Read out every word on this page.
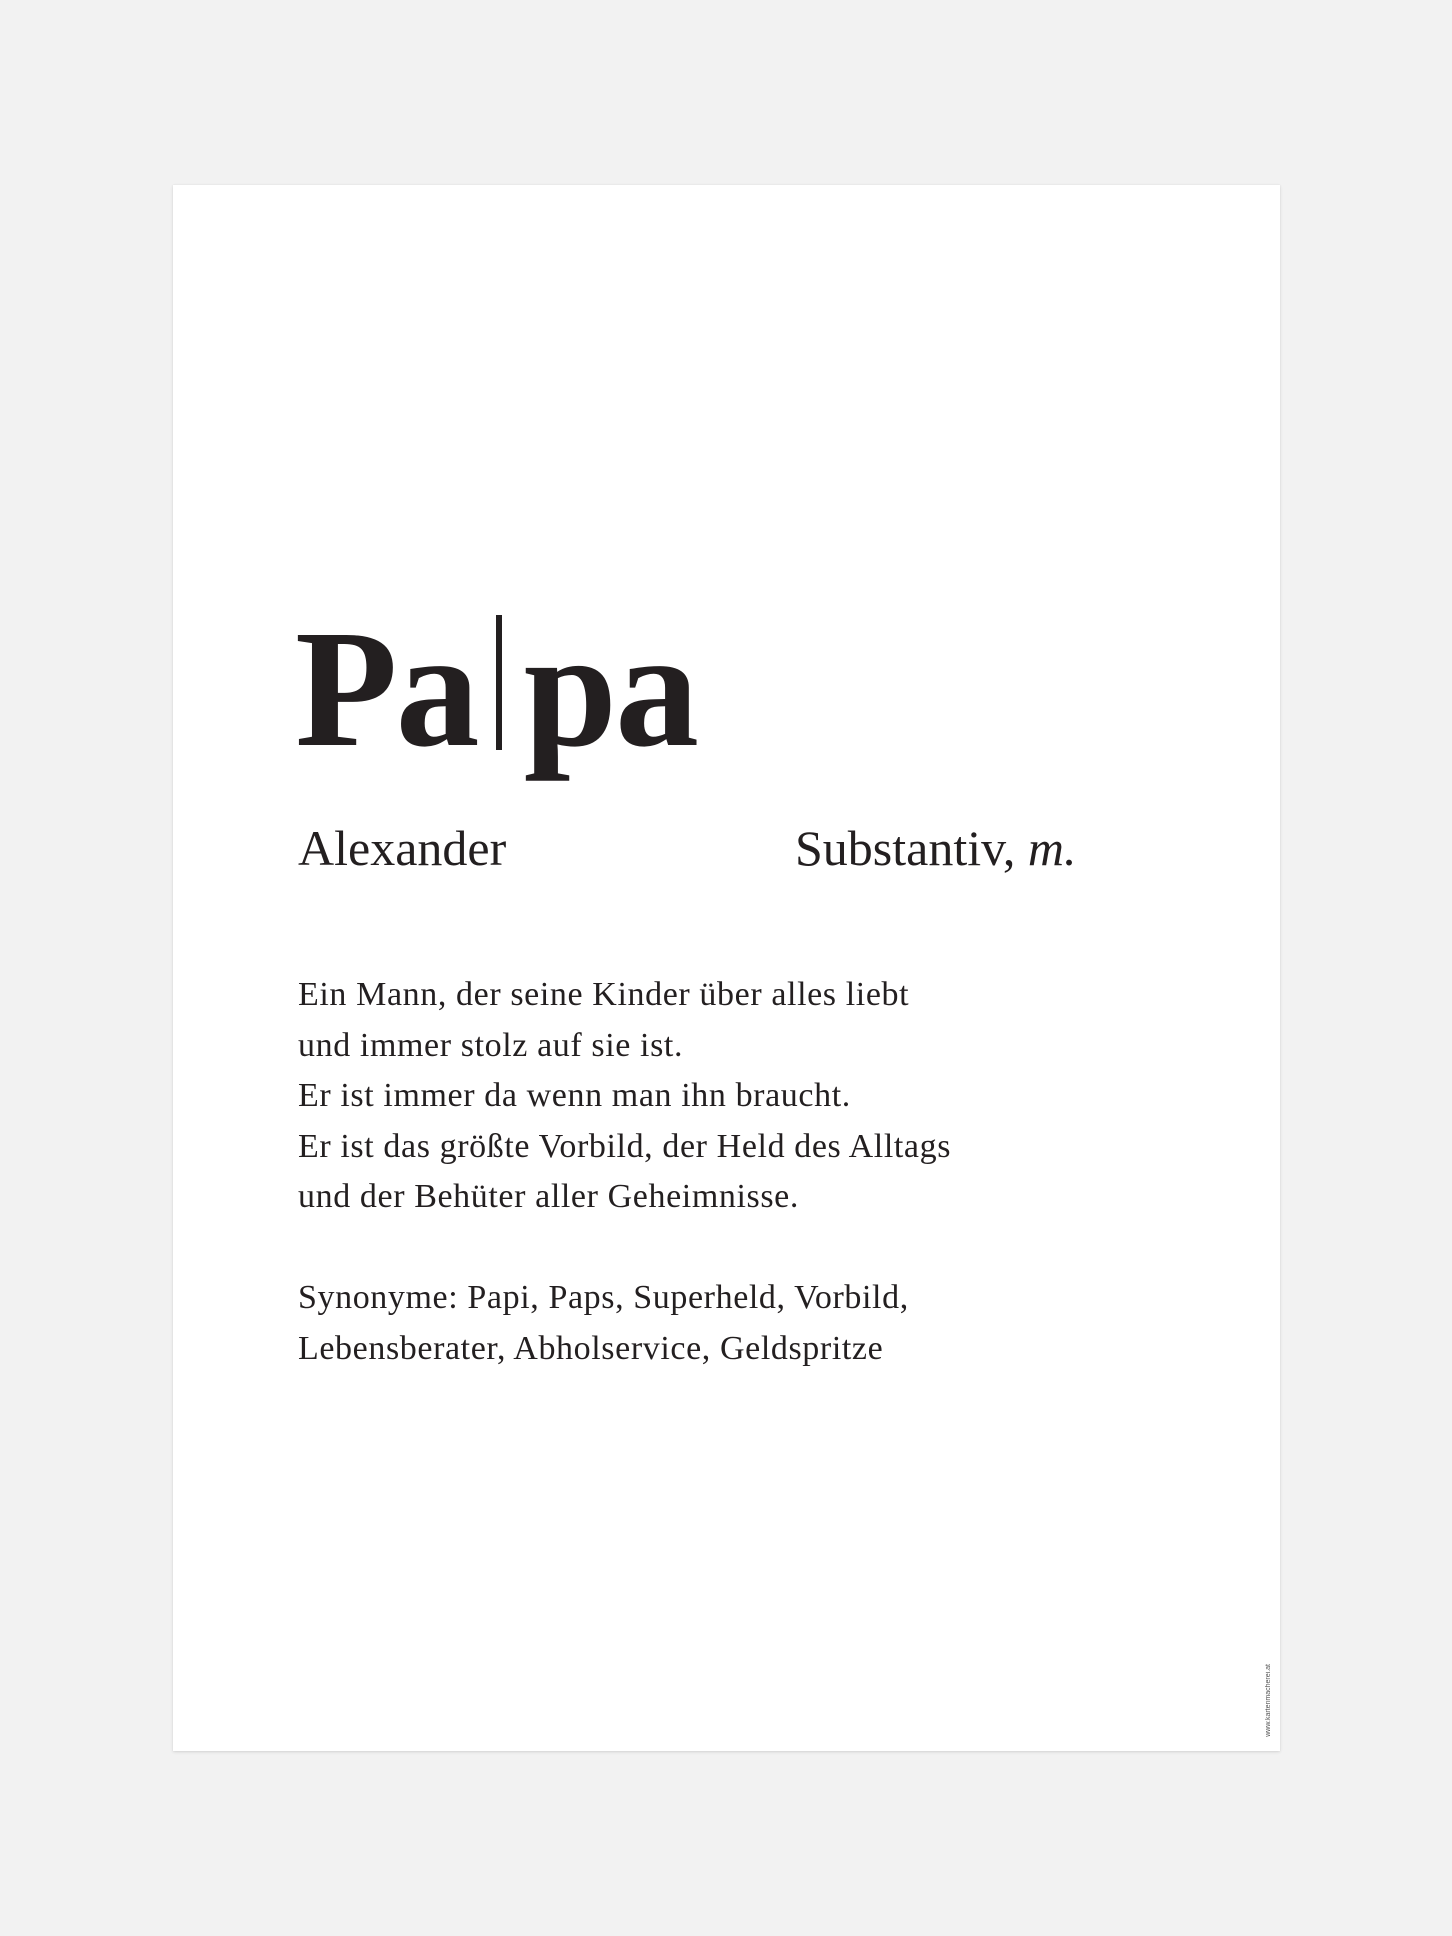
Pa pa
Alexander	Substantiv, m.
Ein Mann, der seine Kinder über alles liebt
und immer stolz auf sie ist.
Er ist immer da wenn man ihn braucht.
Er ist das größte Vorbild, der Held des Alltags
und der Behüter aller Geheimnisse.
Synonyme: Papi, Paps, Superheld, Vorbild,
Lebensberater, Abholservice, Geldspritze
www.kartenmacherei.at
